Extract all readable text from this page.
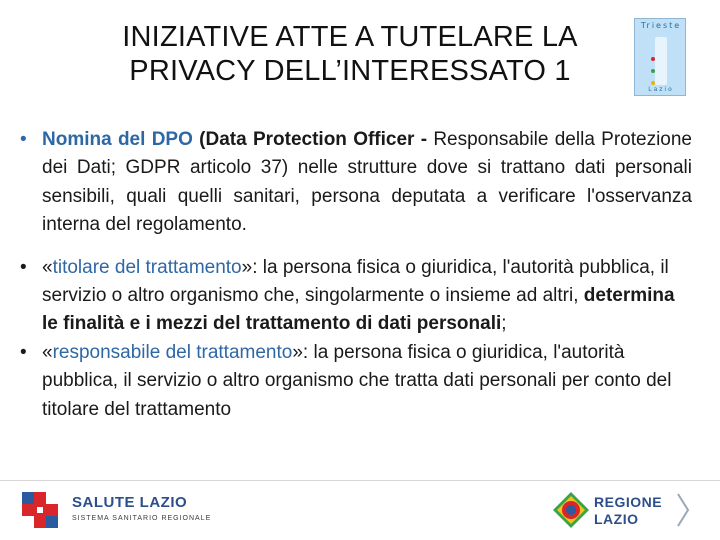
INIZIATIVE ATTE A TUTELARE LA
PRIVACY DELL’INTERESSATO 1
Trieste
Lazio
• Nomina del DPO (Data Protection Officer - Responsabile della Protezione dei Dati; GDPR articolo 37) nelle strutture dove si trattano dati personali sensibili, quali quelli sanitari, persona deputata a verificare l'osservanza interna del regolamento.
• «titolare del trattamento»: la persona fisica o giuridica, l'autorità pubblica, il servizio o altro organismo che, singolarmente o insieme ad altri, determina le finalità e i mezzi del trattamento di dati personali;
• «responsabile del trattamento»: la persona fisica o giuridica, l'autorità pubblica, il servizio o altro organismo che tratta dati personali per conto del titolare del trattamento
SALUTE LAZIO
SISTEMA SANITARIO REGIONALE
REGIONE
LAZIO
